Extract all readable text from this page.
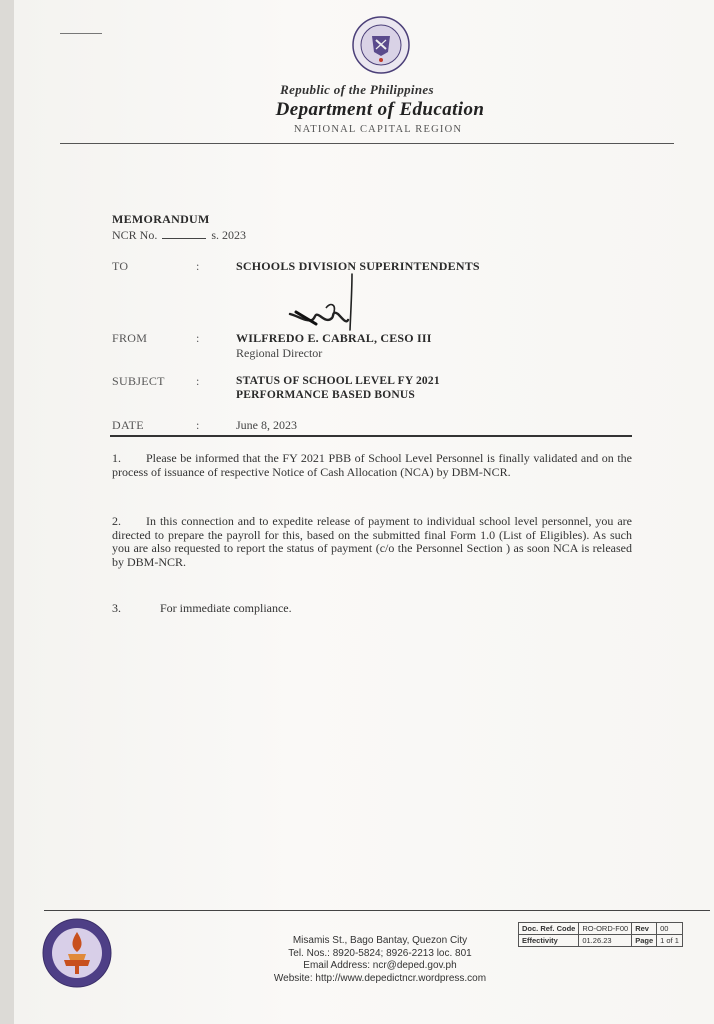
Republic of the Philippines
Department of Education
NATIONAL CAPITAL REGION
MEMORANDUM
NCR No.	s. 2023
TO	:	SCHOOLS DIVISION SUPERINTENDENTS
FROM	:	WILFREDO E. CABRAL, CESO III
Regional Director
SUBJECT	:	STATUS OF SCHOOL LEVEL FY 2021
PERFORMANCE BASED BONUS
DATE	:	June 8, 2023
1. Please be informed that the FY 2021 PBB of School Level Personnel is finally validated and on the process of issuance of respective Notice of Cash Allocation (NCA) by DBM-NCR.
2. In this connection and to expedite release of payment to individual school level personnel, you are directed to prepare the payroll for this, based on the submitted final Form 1.0 (List of Eligibles). As such you are also requested to report the status of payment (c/o the Personnel Section ) as soon NCA is released by DBM-NCR.
3.	For immediate compliance.
Misamis St., Bago Bantay, Quezon City
Tel. Nos.: 8920-5824; 8926-2213 loc. 801
Email Address: ncr@deped.gov.ph
Website: http://www.depedictncr.wordpress.com
Doc. Ref. Code	RO-ORD-F00	Rev	00
Effectivity	01.26.23	Page	1 of 1
